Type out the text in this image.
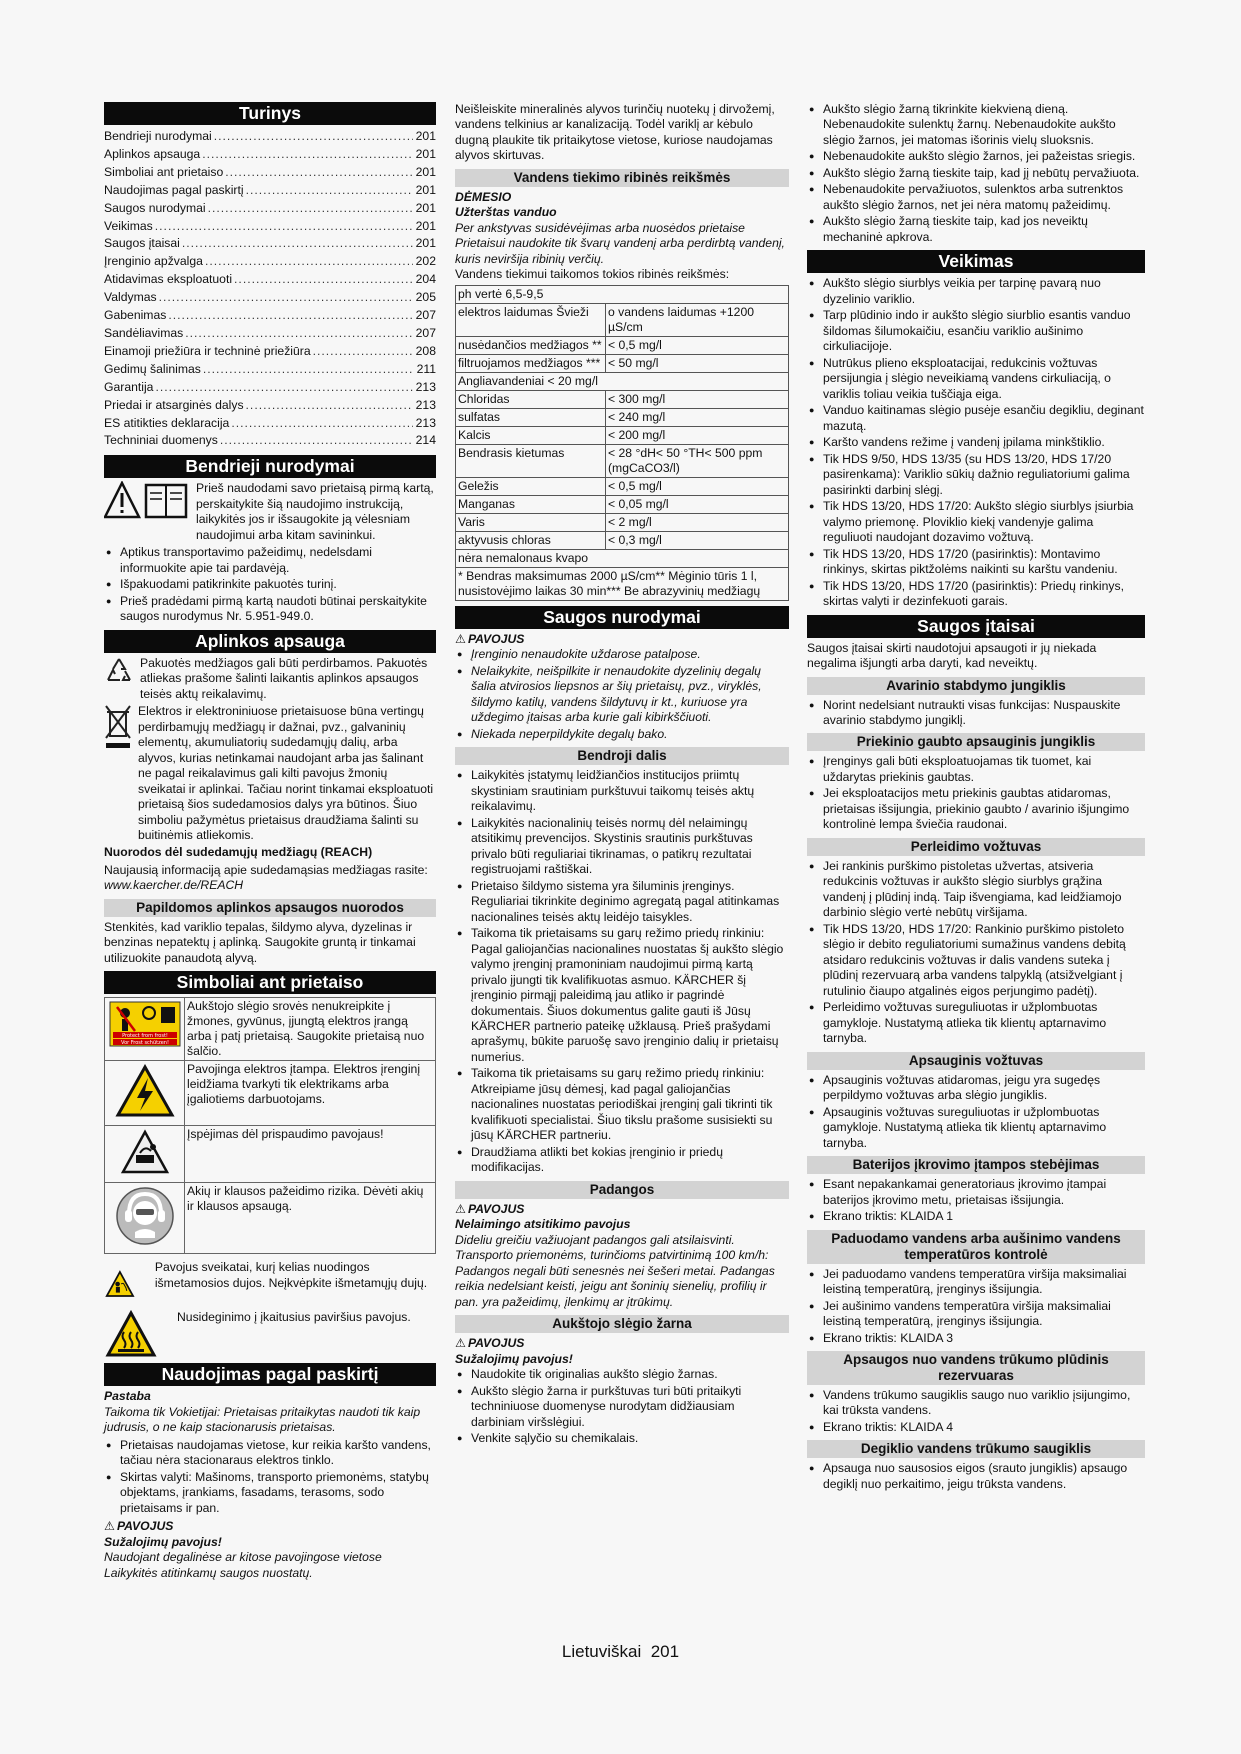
Turinys
Bendrieji nurodymai .....	201
Aplinkos apsauga .....	201
Simboliai ant prietaiso .....	201
Naudojimas pagal paskirtį .....	201
Saugos nurodymai .....	201
Veikimas .....	201
Saugos įtaisai .....	201
Įrenginio apžvalga .....	202
Atidavimas eksploatuoti .....	204
Valdymas .....	205
Gabenimas .....	207
Sandėliavimas .....	207
Einamoji priežiūra ir techninė priežiūra .....	208
Gedimų šalinimas .....	211
Garantija .....	213
Priedai ir atsarginės dalys .....	213
ES atitikties deklaracija .....	213
Techniniai duomenys .....	214
Bendrieji nurodymai

Prieš naudodami savo prietaisą pirmą kartą, perskaitykite šią naudojimo instrukciją, laikykitės jos ir išsaugokite ją vėlesniam naudojimui arba kitam savininkui.

● Aptikus transportavimo pažeidimų, nedelsdami informuokite apie tai pardavėją.
● Išpakuodami patikrinkite pakuotės turinį.
● Prieš pradėdami pirmą kartą naudoti būtinai perskaitykite saugos nurodymus Nr. 5.951-949.0.
Aplinkos apsauga

Pakuotės medžiagos gali būti perdirbamos. Pakuotės atliekas prašome šalinti laikantis aplinkos apsaugos teisės aktų reikalavimų.

Elektros ir elektroniniuose prietaisuose būna vertingų perdirbamųjų medžiagų ir dažnai, pvz., galvaninių elementų, akumuliatorių sudedamųjų dalių, arba alyvos, kurias netinkamai naudojant arba jas šalinant ne pagal reikalavimus gali kilti pavojus žmonių sveikatai ir aplinkai. Tačiau norint tinkamai eksploatuoti prietaisą šios sudedamosios dalys yra būtinos. Šiuo simboliu pažymėtus prietaisus draudžiama šalinti su buitinėmis atliekomis.

Nuorodos dėl sudedamųjų medžiagų (REACH)

Naujausią informaciją apie sudedamąsias medžiagas rasite: www.kaercher.de/REACH

Papildomos aplinkos apsaugos nuorodos

Stenkitės, kad variklio tepalas, šildymo alyva, dyzelinas ir benzinas nepatektų į aplinką. Saugokite gruntą ir tinkamai utilizuokite panaudotą alyvą.

Simboliai ant prietaiso
Protect from frost!
Vor Frost schützen!	Aukštojo slėgio srovės nenukreipkite į žmones, gyvūnus, įjungtą elektros įrangą arba į patį prietaisą. Saugokite prietaisą nuo šalčio.
	Pavojinga elektros įtampa. Elektros įrenginį leidžiama tvarkyti tik elektrikams arba įgaliotiems darbuotojams.
	Įspėjimas dėl prispaudimo pavojaus!
	Akių ir klausos pažeidimo rizika. Dėvėti akių ir klausos apsaugą.

Pavojus sveikatai, kurį kelias nuodingos išmetamosios dujos. Neįkvėpkite išmetamųjų dujų.

Nusideginimo į įkaitusius paviršius pavojus.

Naudojimas pagal paskirtį

Pastaba

Taikoma tik Vokietijai: Prietaisas pritaikytas naudoti tik kaip judrusis, o ne kaip stacionarusis prietaisas.

● Prietaisas naudojamas vietose, kur reikia karšto vandens, tačiau nėra stacionaraus elektros tinklo.
● Skirtas valyti: Mašinoms, transporto priemonėms, statybų objektams, įrankiams, fasadams, terasoms, sodo prietaisams ir pan.
⚠ PAVOJUS

Sužalojimų pavojus!

Naudojant degalinėse ar kitose pavojingose vietose Laikykitės atitinkamų saugos nuostatų.

Neišleiskite mineralinės alyvos turinčių nuotekų į dirvožemį, vandens telkinius ar kanalizaciją. Todėl variklį ar kėbulo dugną plaukite tik pritaikytose vietose, kuriose naudojamas alyvos skirtuvas.

Vandens tiekimo ribinės reikšmės

DĖMESIO

Užterštas vanduo

Per ankstyvas susidėvėjimas arba nuosėdos prietaise Prietaisui naudokite tik švarų vandenį arba perdirbtą vandenį, kuris neviršija ribinių verčių.

Vandens tiekimui taikomos tokios ribinės reikšmės:

ph vertė 6,5-9,5	
elektros laidumas Švieži	o vandens laidumas +1200 µS/cm
nusėdančios medžiagos **	< 0,5 mg/l
filtruojamos medžiagos ***	< 50 mg/l
Angliavandeniai < 20 mg/l	
Chloridas	< 300 mg/l
sulfatas	< 240 mg/l
Kalcis	< 200 mg/l
Bendrasis kietumas	< 28 °dH< 50 °TH< 500 ppm (mgCaCO3/l)
Geležis	< 0,5 mg/l
Manganas	< 0,05 mg/l
Varis	< 2 mg/l
aktyvusis chloras	< 0,3 mg/l
nėra nemalonaus kvapo	
* Bendras maksimumas 2000 µS/cm** Mėginio tūris 1 l, nusistovėjimo laikas 30 min*** Be abrazyvinių medžiagų
Saugos nurodymai
⚠ PAVOJUS
● Įrenginio nenaudokite uždarose patalpose.
● Nelaikykite, neišpilkite ir nenaudokite dyzelinių degalų šalia atvirosios liepsnos ar šių prietaisų, pvz., viryklės, šildymo katilų, vandens šildytuvų ir kt., kuriuose yra uždegimo įtaisas arba kurie gali kibirkščiuoti.
● Niekada neperpildykite degalų bako.
Bendroji dalis
● Laikykitės įstatymų leidžiančios institucijos priimtų skystiniam srautiniam purkštuvui taikomų teisės aktų reikalavimų.
● Laikykitės nacionalinių teisės normų dėl nelaimingų atsitikimų prevencijos. Skystinis srautinis purkštuvas privalo būti reguliariai tikrinamas, o patikrų rezultatai registruojami raštiškai.
● Prietaiso šildymo sistema yra šiluminis įrenginys. Reguliariai tikrinkite deginimo agregatą pagal atitinkamas nacionalines teisės aktų leidėjo taisykles.
● Taikoma tik prietaisams su garų režimo priedų rinkiniu: Pagal galiojančias nacionalines nuostatas šį aukšto slėgio valymo įrenginį pramoniniam naudojimui pirmą kartą privalo įjungti tik kvalifikuotas asmuo. KÄRCHER šį įrenginio pirmąjį paleidimą jau atliko ir pagrindė dokumentais. Šiuos dokumentus galite gauti iš Jūsų KÄRCHER partnerio pateikę užklausą. Prieš prašydami aprašymų, būkite paruošę savo įrenginio dalių ir prietaisų numerius.
● Taikoma tik prietaisams su garų režimo priedų rinkiniu: Atkreipiame jūsų dėmesį, kad pagal galiojančias nacionalines nuostatas periodiškai įrenginį gali tikrinti tik kvalifikuoti specialistai. Šiuo tikslu prašome susisiekti su jūsų KÄRCHER partneriu.
● Draudžiama atlikti bet kokias įrenginio ir priedų modifikacijas.
Padangos
⚠ PAVOJUS

Nelaimingo atsitikimo pavojus

Dideliu greičiu važiuojant padangos gali atsilaisvinti. Transporto priemonėms, turinčioms patvirtinimą 100 km/h: Padangos negali būti senesnės nei šešeri metai. Padangas reikia nedelsiant keisti, jeigu ant šoninių sienelių, profilių ir pan. yra pažeidimų, įlenkimų ar įtrūkimų.

Aukštojo slėgio žarna
⚠ PAVOJUS

Sužalojimų pavojus!

● Naudokite tik originalias aukšto slėgio žarnas.
● Aukšto slėgio žarna ir purkštuvas turi būti pritaikyti techniniuose duomenyse nurodytam didžiausiam darbiniam viršslėgiui.
● Venkite sąlyčio su chemikalais.
● Aukšto slėgio žarną tikrinkite kiekvieną dieną. Nebenaudokite sulenktų žarnų. Nebenaudokite aukšto slėgio žarnos, jei matomas išorinis vielų sluoksnis.
● Nebenaudokite aukšto slėgio žarnos, jei pažeistas sriegis.
● Aukšto slėgio žarną tieskite taip, kad jį nebūtų pervažiuota.
● Nebenaudokite pervažiuotos, sulenktos arba sutrenktos aukšto slėgio žarnos, net jei nėra matomų pažeidimų.
● Aukšto slėgio žarną tieskite taip, kad jos neveiktų mechaninė apkrova.
Veikimas
● Aukšto slėgio siurblys veikia per tarpinę pavarą nuo dyzelinio variklio.
● Tarp plūdinio indo ir aukšto slėgio siurblio esantis vanduo šildomas šilumokaičiu, esančiu variklio aušinimo cirkuliacijoje.
● Nutrūkus plieno eksploatacijai, redukcinis vožtuvas persijungia į slėgio neveikiamą vandens cirkuliaciją, o variklis toliau veikia tuščiąja eiga.
● Vanduo kaitinamas slėgio pusėje esančiu degikliu, deginant mazutą.
● Karšto vandens režime į vandenį įpilama minkštiklio.
● Tik HDS 9/50, HDS 13/35 (su HDS 13/20, HDS 17/20 pasirenkama): Variklio sūkių dažnio reguliatoriumi galima pasirinkti darbinį slėgį.
● Tik HDS 13/20, HDS 17/20: Aukšto slėgio siurblys įsiurbia valymo priemonę. Ploviklio kiekį vandenyje galima reguliuoti naudojant dozavimo vožtuvą.
● Tik HDS 13/20, HDS 17/20 (pasirinktis): Montavimo rinkinys, skirtas piktžolėms naikinti su karštu vandeniu.
● Tik HDS 13/20, HDS 17/20 (pasirinktis): Priedų rinkinys, skirtas valyti ir dezinfekuoti garais.
Saugos įtaisai

Saugos įtaisai skirti naudotojui apsaugoti ir jų niekada negalima išjungti arba daryti, kad neveiktų.

Avarinio stabdymo jungiklis
● Norint nedelsiant nutraukti visas funkcijas: Nuspauskite avarinio stabdymo jungiklį.
Priekinio gaubto apsauginis jungiklis
● Įrenginys gali būti eksploatuojamas tik tuomet, kai uždarytas priekinis gaubtas.
● Jei eksploatacijos metu priekinis gaubtas atidaromas, prietaisas išsijungia, priekinio gaubto / avarinio išjungimo kontrolinė lempa šviečia raudonai.
Perleidimo vožtuvas
● Jei rankinis purškimo pistoletas užvertas, atsiveria redukcinis vožtuvas ir aukšto slėgio siurblys grąžina vandenį į plūdinį indą. Taip išvengiama, kad leidžiamojo darbinio slėgio vertė nebūtų viršijama.
● Tik HDS 13/20, HDS 17/20: Rankinio purškimo pistoleto slėgio ir debito reguliatoriumi sumažinus vandens debitą atsidaro redukcinis vožtuvas ir dalis vandens suteka į plūdinį rezervuarą arba vandens talpyklą (atsižvelgiant į rutulinio čiaupo atgalinės eigos perjungimo padėtį).
● Perleidimo vožtuvas sureguliuotas ir užplombuotas gamykloje. Nustatymą atlieka tik klientų aptarnavimo tarnyba.
Apsauginis vožtuvas
● Apsauginis vožtuvas atidaromas, jeigu yra sugedęs perpildymo vožtuvas arba slėgio jungiklis.
● Apsauginis vožtuvas sureguliuotas ir užplombuotas gamykloje. Nustatymą atlieka tik klientų aptarnavimo tarnyba.
Baterijos įkrovimo įtampos stebėjimas
● Esant nepakankamai generatoriaus įkrovimo įtampai baterijos įkrovimo metu, prietaisas išsijungia.
● Ekrano triktis: KLAIDA 1
Paduodamo vandens arba aušinimo vandens temperatūros kontrolė
● Jei paduodamo vandens temperatūra viršija maksimaliai leistiną temperatūrą, įrenginys išsijungia.
● Jei aušinimo vandens temperatūra viršija maksimaliai leistiną temperatūrą, įrenginys išsijungia.
● Ekrano triktis: KLAIDA 3
Apsaugos nuo vandens trūkumo plūdinis rezervuaras
● Vandens trūkumo saugiklis saugo nuo variklio įsijungimo, kai trūksta vandens.
● Ekrano triktis: KLAIDA 4
Degiklio vandens trūkumo saugiklis
● Apsauga nuo sausosios eigos (srauto jungiklis) apsaugo degiklį nuo perkaitimo, jeigu trūksta vandens.
Lietuviškai 201
